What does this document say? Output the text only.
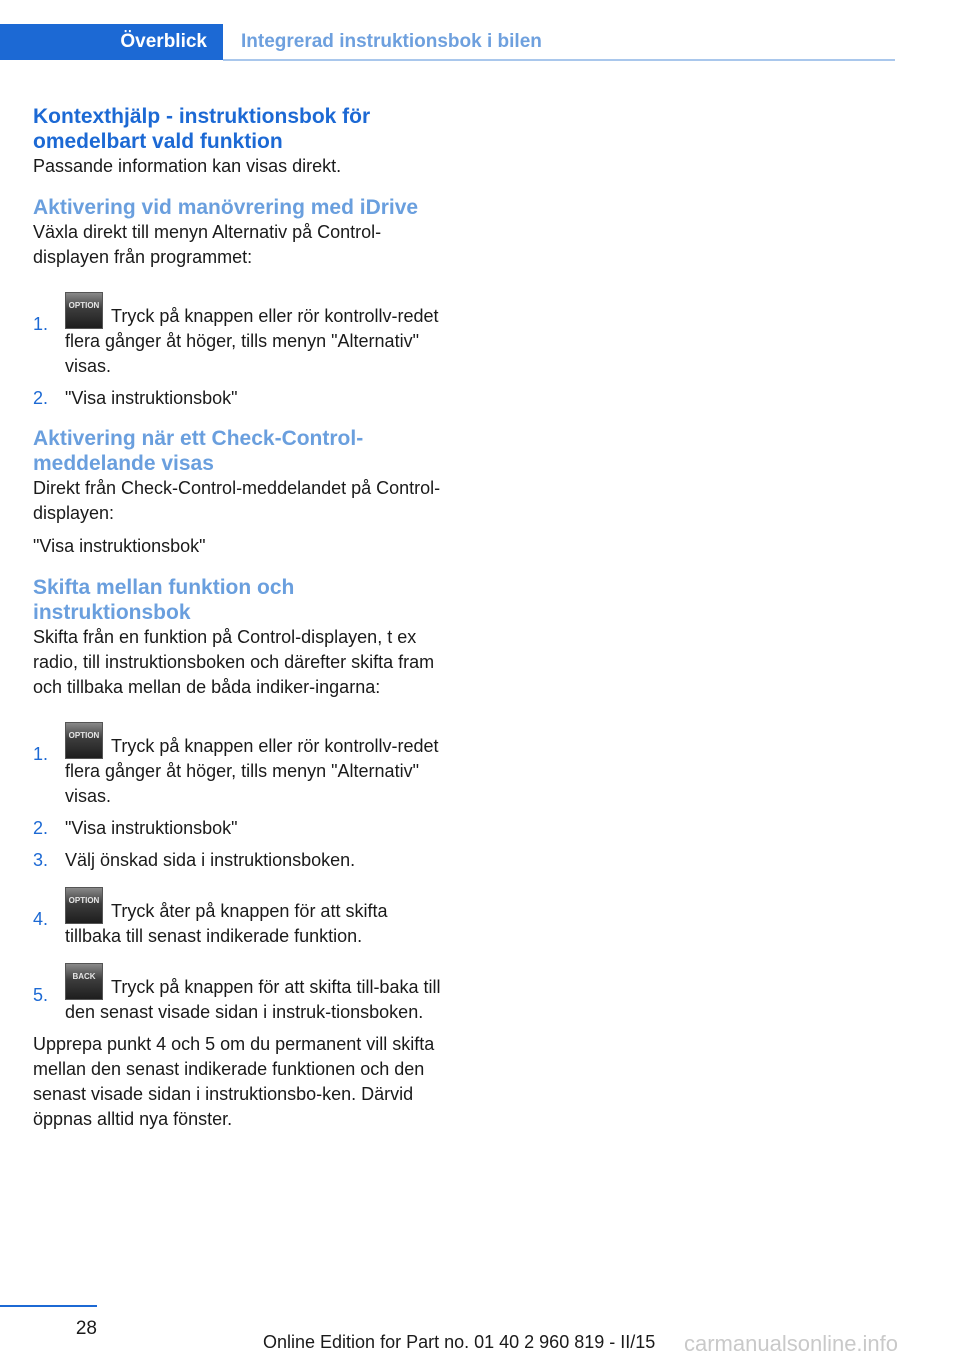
Överblick	Integrerad instruktionsbok i bilen
Kontexthjälp - instruktionsbok för omedelbart vald funktion

Passande information kan visas direkt.

Aktivering vid manövrering med iDrive

Växla direkt till menyn Alternativ på Control-displayen från programmet:

1.
OPTIONTryck på knappen eller rör kontrollv-redet flera gånger åt höger, tills menyn "Alternativ" visas.
2. "Visa instruktionsbok"
Aktivering när ett Check-Control-meddelande visas

Direkt från Check-Control-meddelandet på Control-displayen:

"Visa instruktionsbok"

Skifta mellan funktion och instruktionsbok

Skifta från en funktion på Control-displayen, t ex radio, till instruktionsboken och därefter skifta fram och tillbaka mellan de båda indiker-ingarna:

1.
OPTIONTryck på knappen eller rör kontrollv-redet flera gånger åt höger, tills menyn "Alternativ" visas.
2. "Visa instruktionsbok"
3. Välj önskad sida i instruktionsboken.
4.
OPTIONTryck åter på knappen för att skifta tillbaka till senast indikerade funktion.
5.
BACKTryck på knappen för att skifta till-baka till den senast visade sidan i instruk-tionsboken.

Upprepa punkt 4 och 5 om du permanent vill skifta mellan den senast indikerade funktionen och den senast visade sidan i instruktionsbo-ken. Därvid öppnas alltid nya fönster.

28
Online Edition for Part no. 01 40 2 960 819 - II/15 carmanualsonline.info
